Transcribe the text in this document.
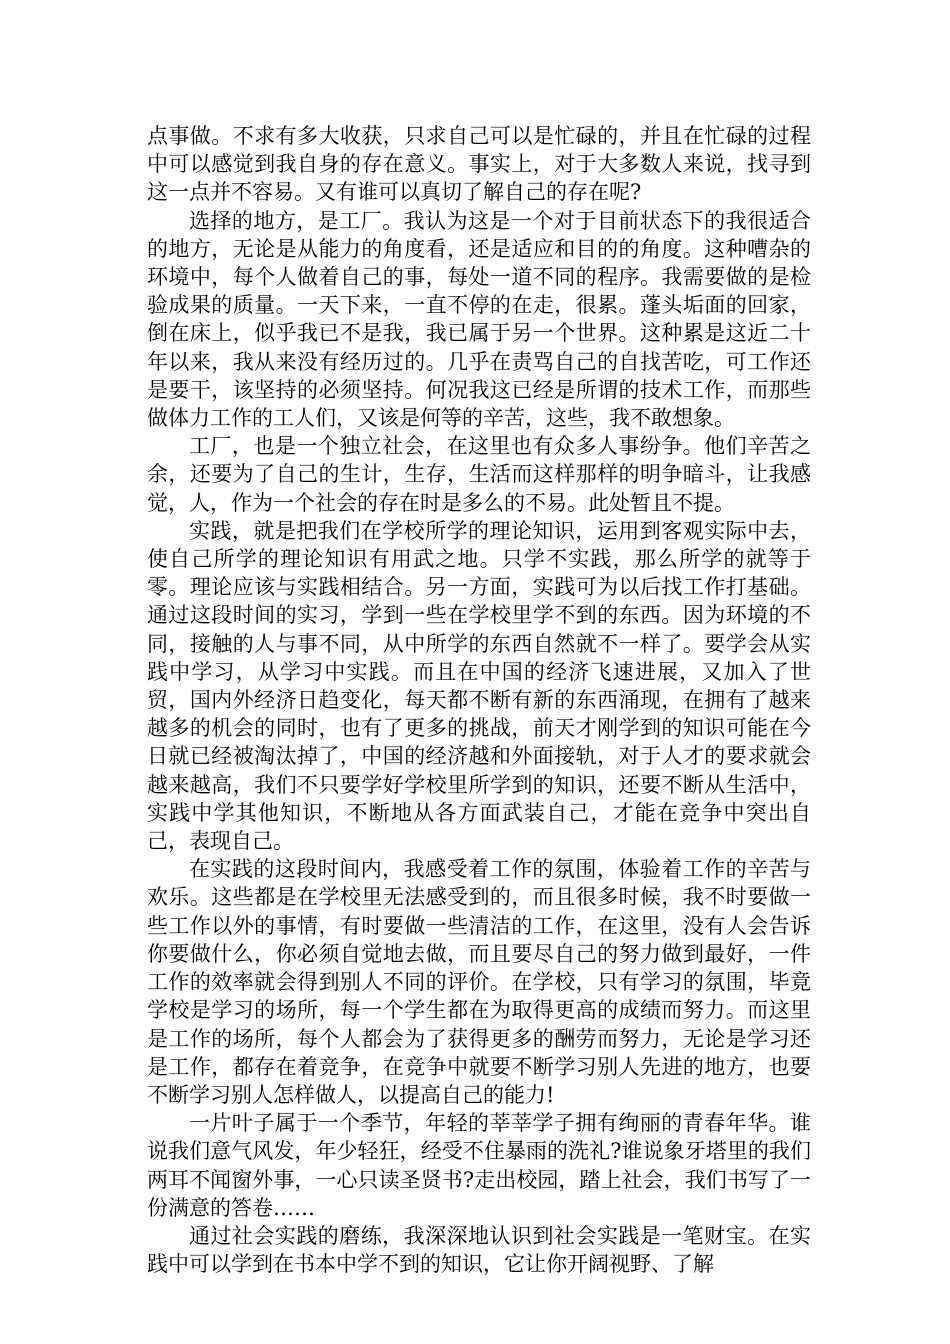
点事做。不求有多大收获，只求自己可以是忙碌的，并且在忙碌的过程中可以感觉到我自身的存在意义。事实上，对于大多数人来说，找寻到这一点并不容易。又有谁可以真切了解自己的存在呢?

选择的地方，是工厂。我认为这是一个对于目前状态下的我很适合的地方，无论是从能力的角度看，还是适应和目的的角度。这种嘈杂的环境中，每个人做着自己的事，每处一道不同的程序。我需要做的是检验成果的质量。一天下来，一直不停的在走，很累。蓬头垢面的回家，倒在床上，似乎我已不是我，我已属于另一个世界。这种累是这近二十年以来，我从来没有经历过的。几乎在责骂自己的自找苦吃，可工作还是要干，该坚持的必须坚持。何况我这已经是所谓的技术工作，而那些做体力工作的工人们，又该是何等的辛苦，这些，我不敢想象。

工厂，也是一个独立社会，在这里也有众多人事纷争。他们辛苦之余，还要为了自己的生计，生存，生活而这样那样的明争暗斗，让我感觉，人，作为一个社会的存在时是多么的不易。此处暂且不提。

实践，就是把我们在学校所学的理论知识，运用到客观实际中去，使自己所学的理论知识有用武之地。只学不实践，那么所学的就等于零。理论应该与实践相结合。另一方面，实践可为以后找工作打基础。通过这段时间的实习，学到一些在学校里学不到的东西。因为环境的不同，接触的人与事不同，从中所学的东西自然就不一样了。要学会从实践中学习，从学习中实践。而且在中国的经济飞速进展，又加入了世贸，国内外经济日趋变化，每天都不断有新的东西涌现，在拥有了越来越多的机会的同时，也有了更多的挑战，前天才刚学到的知识可能在今日就已经被淘汰掉了，中国的经济越和外面接轨，对于人才的要求就会越来越高，我们不只要学好学校里所学到的知识，还要不断从生活中，实践中学其他知识，不断地从各方面武装自己，才能在竞争中突出自己，表现自己。

在实践的这段时间内，我感受着工作的氛围，体验着工作的辛苦与欢乐。这些都是在学校里无法感受到的，而且很多时候，我不时要做一些工作以外的事情，有时要做一些清洁的工作，在这里，没有人会告诉你要做什么，你必须自觉地去做，而且要尽自己的努力做到最好，一件工作的效率就会得到别人不同的评价。在学校，只有学习的氛围，毕竟学校是学习的场所，每一个学生都在为取得更高的成绩而努力。而这里是工作的场所，每个人都会为了获得更多的酬劳而努力，无论是学习还是工作，都存在着竞争，在竞争中就要不断学习别人先进的地方，也要不断学习别人怎样做人，以提高自己的能力!

一片叶子属于一个季节，年轻的莘莘学子拥有绚丽的青春年华。谁说我们意气风发，年少轻狂，经受不住暴雨的洗礼?谁说象牙塔里的我们两耳不闻窗外事，一心只读圣贤书?走出校园，踏上社会，我们书写了一份满意的答卷……

通过社会实践的磨练，我深深地认识到社会实践是一笔财宝。在实践中可以学到在书本中学不到的知识，它让你开阔视野、了解
